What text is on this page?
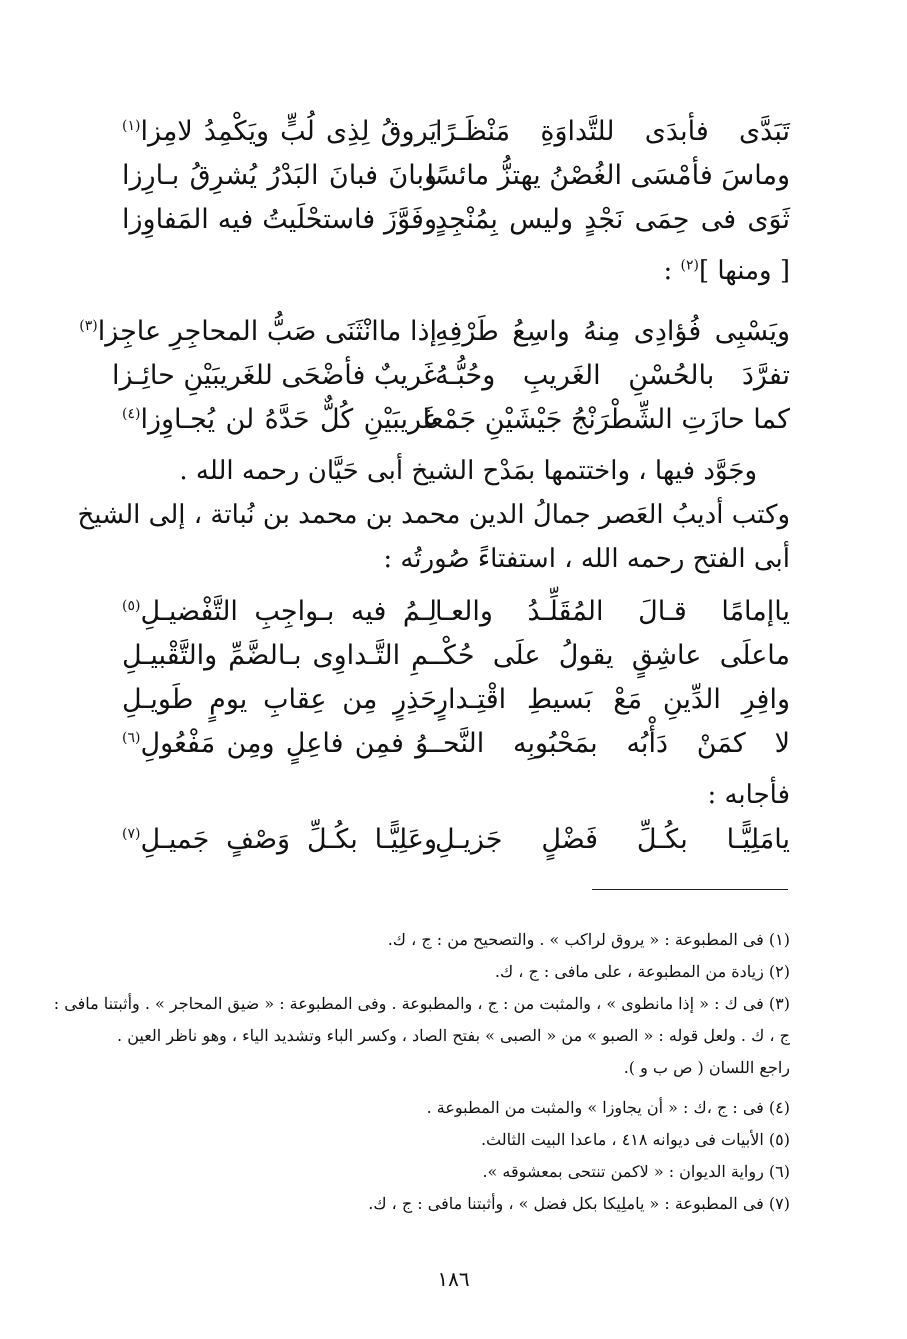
تَبَدَّى فأبدَى للتَّداوَةِ مَنْظَـرًا
يَروقُ لِذِى لُبٍّ ويَكْمِدُ لامِزا$^{(١)}$
وماسَ فأمْسَى الغُصْنُ يهتزُّ مائسًا
وبانَ فبانَ البَدْرُ يُشرِقُ بـارِزا
ثَوَى فى حِمَى نَجْدٍ وليس بِمُنْجِدٍ
وفَوَّزَ فاستحْلَيتُ فيه المَفاوِزا
[ ومنها ]$^{(٢)}$ :
ويَسْبِى فُؤادِى مِنهُ واسِعُ طَرْفِهِ
إذا ماانْثَنَى صَبُّ المحاجِرِ عاجِزا$^{(٣)}$
تفرَّدَ بالحُسْنِ الغَريبِ وحُبُّـهُ
غَريبٌ فأضْحَى للغَريبَيْنِ حائِـزا
كما حازَتِ الشِّطْرَنْجُ جَيْشَيْنِ جَمْعا
غَريبَيْنِ كُلٌّ حَدَّهُ لن يُجـاوِزا$^{(٤)}$
وجَوَّد فيها ، واختتمها بمَدْح الشيخ أبى حَيَّان رحمه الله .
وكتب أديبُ العَصر جمالُ الدين محمد بن محمد بن نُباتة ، إلى الشيخ
أبى الفتح رحمه الله ، استفتاءً صُورتُه :
ياإمامًا قـالَ المُقَلِّـدُ والعـا
لِـمُ فيه بـواجِبِ التَّفْضيـلِ$^{(٥)}$
ماعلَى عاشِقٍ يقولُ علَى حُكْـ
ـمِ التَّـداوِى بـالضَّمِّ والتَّقْبيـلِ
وافِرِ الدِّينِ مَعْ بَسيطِ اقْتِـدارٍ
حَذِرٍ مِن عِقابِ يومٍ طَويـلِ
لا كمَنْ دَأْبُه بمَحْبُوبِه النَّحـ
ـوُ فمِن فاعِلٍ ومِن مَفْعُولِ$^{(٦)}$
فأجابه :
يامَلِيًّـا بكُـلِّ فَضْلٍ جَزيـلِ
وعَلِيًّـا بكُـلِّ وَصْفٍ جَميـلِ$^{(٧)}$
(١) فى المطبوعة : « يروق لراكب » . والتصحيح من : ج ، ك.
(٢) زيادة من المطبوعة ، على مافى : ج ، ك.
(٣) فى ك : « إذا مانطوى » ، والمثبت من : ج ، والمطبوعة . وفى المطبوعة : « ضيق المحاجر » . وأثبتنا مافى :
ج ، ك . ولعل قوله : « الصبو » من « الصبى » بفتح الصاد ، وكسر الباء وتشديد الياء ، وهو ناظر العين .
راجع اللسان ( ص ب و ).
(٤) فى : ج ،ك : « أن يجاوزا » والمثبت من المطبوعة .
(٥) الأبيات فى ديوانه ٤١٨ ، ماعدا البيت الثالث.
(٦) رواية الديوان : « لاكمن تنتحى بمعشوقه ».
(٧) فى المطبوعة : « ياملِيكا بكل فضل » ، وأثبتنا مافى : ج ، ك.
١٨٦
